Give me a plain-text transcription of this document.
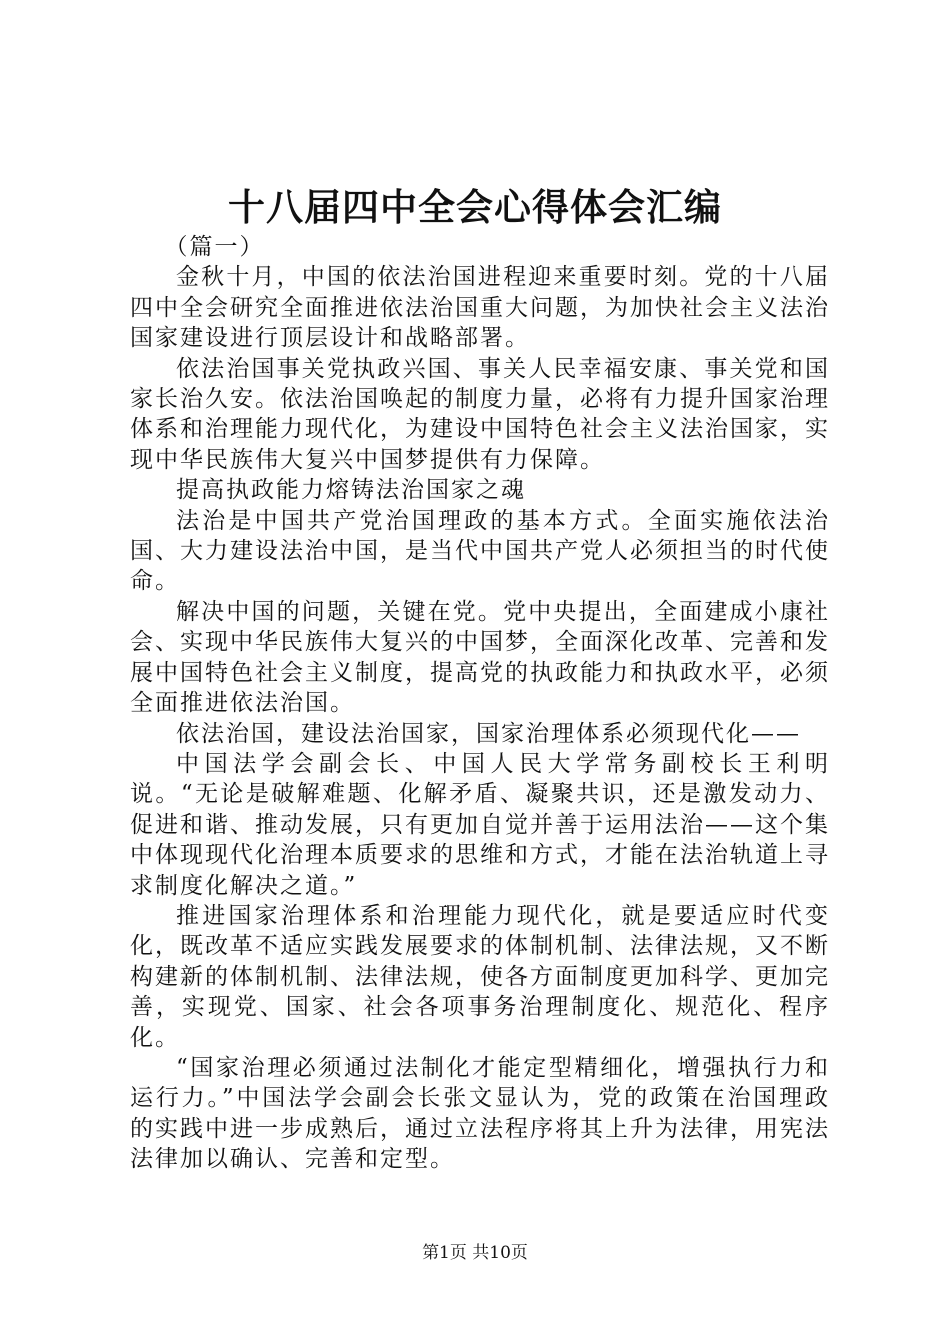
十八届四中全会心得体会汇编

（篇一）

金秋十月，中国的依法治国进程迎来重要时刻。党的十八届四中全会研究全面推进依法治国重大问题，为加快社会主义法治国家建设进行顶层设计和战略部署。

依法治国事关党执政兴国、事关人民幸福安康、事关党和国家长治久安。依法治国唤起的制度力量，必将有力提升国家治理体系和治理能力现代化，为建设中国特色社会主义法治国家，实现中华民族伟大复兴中国梦提供有力保障。

提高执政能力熔铸法治国家之魂

法治是中国共产党治国理政的基本方式。全面实施依法治国、大力建设法治中国，是当代中国共产党人必须担当的时代使命。

解决中国的问题，关键在党。党中央提出，全面建成小康社会、实现中华民族伟大复兴的中国梦，全面深化改革、完善和发展中国特色社会主义制度，提高党的执政能力和执政水平，必须全面推进依法治国。

依法治国，建设法治国家，国家治理体系必须现代化——

中国法学会副会长、中国人民大学常务副校长王利明说。“无论是破解难题、化解矛盾、凝聚共识，还是激发动力、促进和谐、推动发展，只有更加自觉并善于运用法治——这个集中体现现代化治理本质要求的思维和方式，才能在法治轨道上寻求制度化解决之道。”

推进国家治理体系和治理能力现代化，就是要适应时代变化，既改革不适应实践发展要求的体制机制、法律法规，又不断构建新的体制机制、法律法规，使各方面制度更加科学、更加完善，实现党、国家、社会各项事务治理制度化、规范化、程序化。

“国家治理必须通过法制化才能定型精细化，增强执行力和运行力。”中国法学会副会长张文显认为，党的政策在治国理政的实践中进一步成熟后，通过立法程序将其上升为法律，用宪法法律加以确认、完善和定型。

第1页 共10页
